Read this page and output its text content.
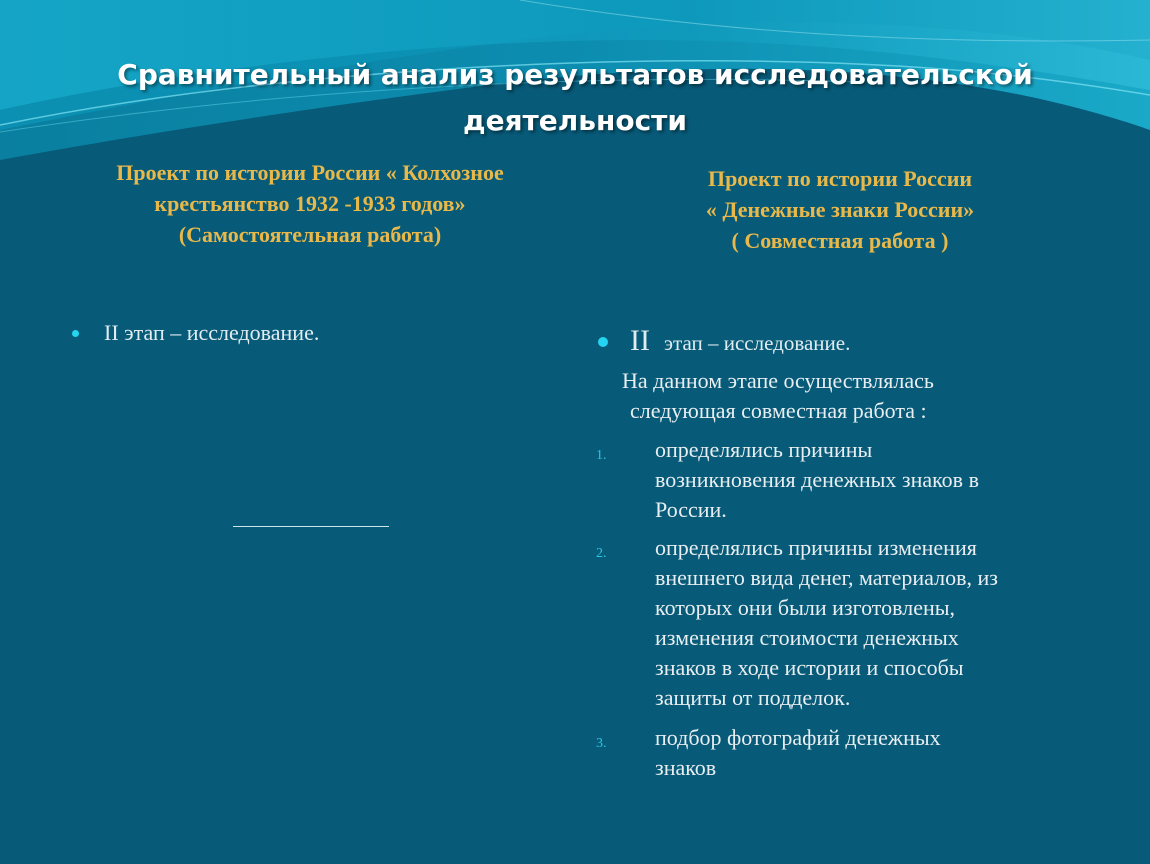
Сравнительный анализ результатов исследовательской
деятельности
Проект по истории России « Колхозное
крестьянство 1932 -1933 годов»
(Самостоятельная работа)
Проект по истории России
« Денежные знаки России»
( Совместная работа )
II этап – исследование.	II этап – исследование.
На данном этапе осуществлялась
следующая совместная работа :
1. определялись причины
возникновения денежных знаков в
России.
2. определялись причины изменения
внешнего вида денег, материалов, из
которых они были изготовлены,
изменения стоимости денежных
знаков в ходе истории и способы
защиты от подделок.
3. подбор фотографий денежных
знаков
